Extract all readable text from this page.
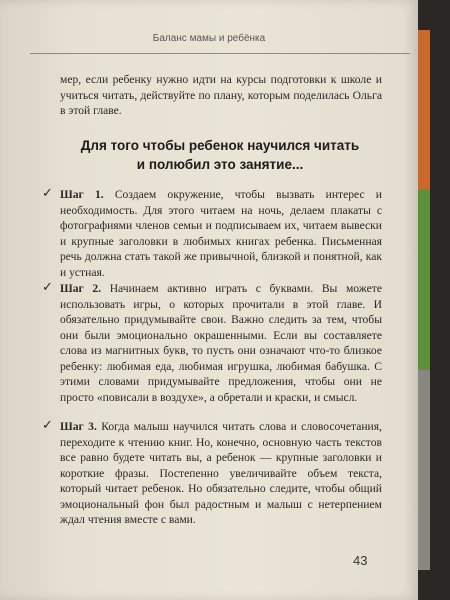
Баланс мамы и ребёнка
мер, если ребенку нужно идти на курсы подготовки к школе и учиться читать, действуйте по плану, которым поделилась Ольга в этой главе.
Для того чтобы ребенок научился читать
и полюбил это занятие...
✓ Шаг 1. Создаем окружение, чтобы вызвать интерес и необходимость. Для этого читаем на ночь, делаем плакаты с фотографиями членов семьи и подписываем их, читаем вывески и крупные заголовки в любимых книгах ребенка. Письменная речь должна стать такой же привычной, близкой и понятной, как и устная.
✓ Шаг 2. Начинаем активно играть с буквами. Вы можете использовать игры, о которых прочитали в этой главе. И обязательно придумывайте свои. Важно следить за тем, чтобы они были эмоционально окрашенными. Если вы составляете слова из магнитных букв, то пусть они означают что-то близкое ребенку: любимая еда, любимая игрушка, любимая бабушка. С этими словами придумывайте предложения, чтобы они не просто «повисали в воздухе», а обретали и краски, и смысл.
✓ Шаг 3. Когда малыш научился читать слова и словосочетания, переходите к чтению книг. Но, конечно, основную часть текстов все равно будете читать вы, а ребенок — крупные заголовки и короткие фразы. Постепенно увеличивайте объем текста, который читает ребенок. Но обязательно следите, чтобы общий эмоциональный фон был радостным и малыш с нетерпением ждал чтения вместе с вами.
43
